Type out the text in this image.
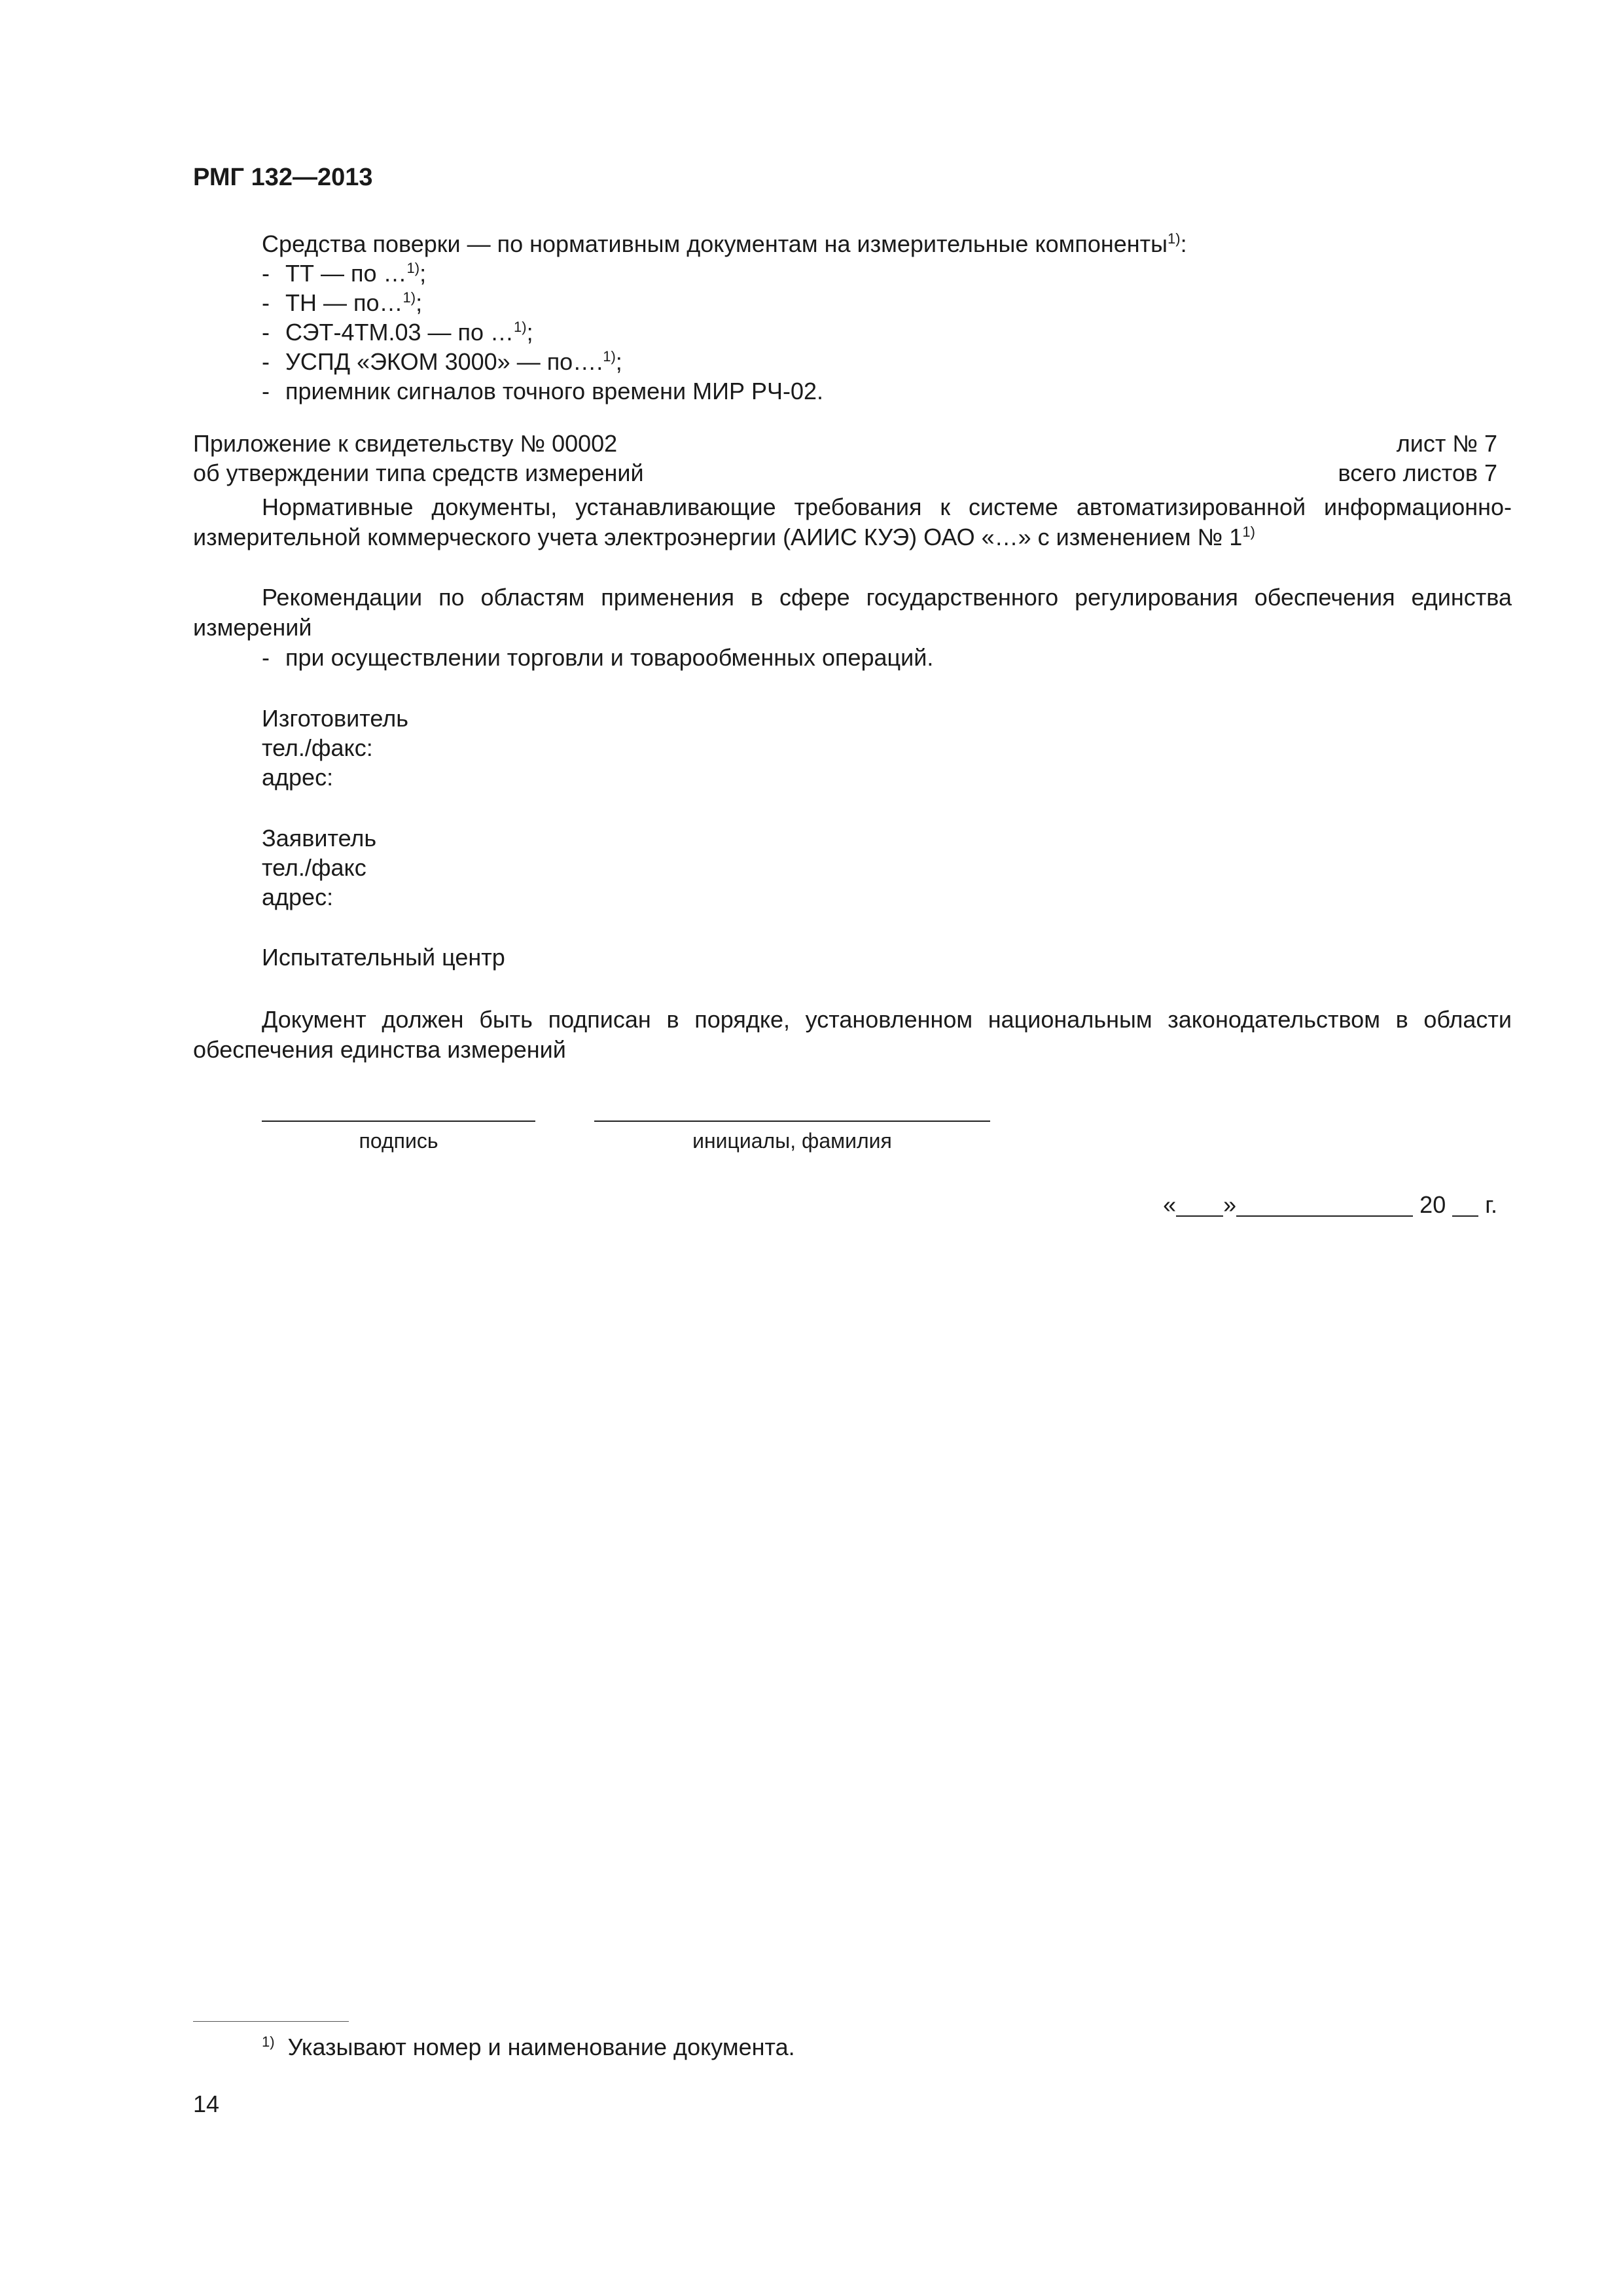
РМГ 132—2013
Средства поверки — по нормативным документам на измерительные компоненты$^{1)}$:
- ТТ — по …$^{1)}$;
- ТН — по…$^{1)}$;
- СЭТ-4ТМ.03 — по …$^{1)}$;
- УСПД «ЭКОМ 3000» — по….$^{1)}$;
- приемник сигналов точного времени МИР РЧ-02.
Приложение к свидетельству № 00002
об утверждении типа средств измерений
лист № 7
всего листов 7
Нормативные документы, устанавливающие требования к системе автоматизированной информационно- измерительной коммерческого учета электроэнергии (АИИС КУЭ) ОАО «…» с изменением № 1$^{1)}$
Рекомендации по областям применения в сфере государственного регулирования обеспечения единства измерений
- при осуществлении торговли и товарообменных операций.
Изготовитель
тел./факс:
адрес:
Заявитель
тел./факс
адрес:
Испытательный центр
Документ должен быть подписан в порядке, установленном национальным законодательством в области обеспечения единства измерений
подпись	инициалы, фамилия
« »	20 г.
$^{1)}$ Указывают номер и наименование документа.
14
